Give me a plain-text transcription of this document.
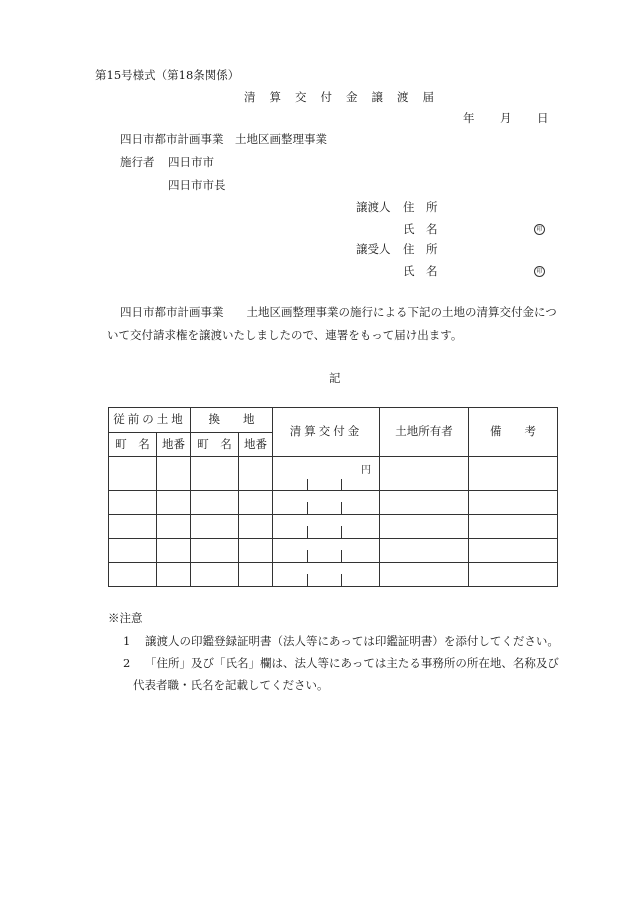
第15号様式（第18条関係）
清算交付金譲渡届
年 月 日
四日市都市計画事業　土地区画整理事業
施行者 四日市市
四日市市長
譲渡人 住　所
氏　名	印
譲受人 住　所
氏　名	印
四日市都市計画事業　　土地区画整理事業の施行による下記の土地の清算交付金につ
いて交付請求権を譲渡いたしましたので、連署をもって届け出ます。
記
従前の土地		換　　地		清算交付金	土地所有者	備　　考
町　名	地番	町　名	地番			

				円		

※注意
1 譲渡人の印鑑登録証明書（法人等にあっては印鑑証明書）を添付してください。
2 「住所」及び「氏名」欄は、法人等にあっては主たる事務所の所在地、名称及び
代表者職・氏名を記載してください。
